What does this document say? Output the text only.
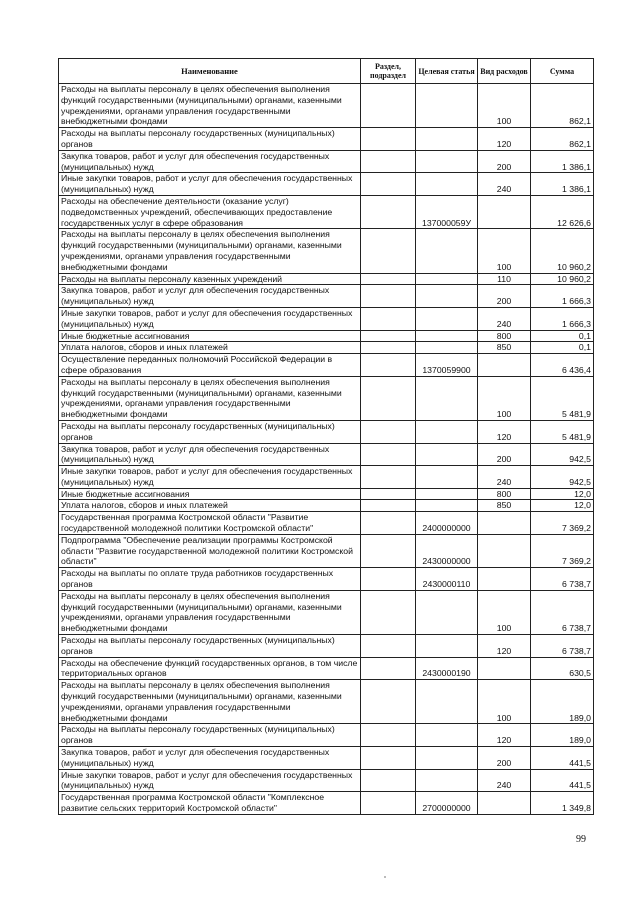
Наименование	Раздел, подраздел	Целевая статья	Вид расходов	Сумма
Расходы на выплаты персоналу в целях обеспечения выполнения функций государственными (муниципальными) органами, казенными учреждениями, органами управления государственными внебюджетными фондами			100	862,1
Расходы на выплаты персоналу государственных (муниципальных) органов			120	862,1
Закупка товаров, работ и услуг для обеспечения государственных (муниципальных) нужд			200	1 386,1
Иные закупки товаров, работ и услуг для обеспечения государственных (муниципальных) нужд			240	1 386,1
Расходы на обеспечение деятельности (оказание услуг) подведомственных учреждений, обеспечивающих предоставление государственных услуг в сфере образования		137000059У		12 626,6
Расходы на выплаты персоналу в целях обеспечения выполнения функций государственными (муниципальными) органами, казенными учреждениями, органами управления государственными внебюджетными фондами			100	10 960,2
Расходы на выплаты персоналу казенных учреждений			110	10 960,2
Закупка товаров, работ и услуг для обеспечения государственных (муниципальных) нужд			200	1 666,3
Иные закупки товаров, работ и услуг для обеспечения государственных (муниципальных) нужд			240	1 666,3
Иные бюджетные ассигнования			800	0,1
Уплата налогов, сборов и иных платежей			850	0,1
Осуществление переданных полномочий Российской Федерации в сфере образования		1370059900		6 436,4
Расходы на выплаты персоналу в целях обеспечения выполнения функций государственными (муниципальными) органами, казенными учреждениями, органами управления государственными внебюджетными фондами			100	5 481,9
Расходы на выплаты персоналу государственных (муниципальных) органов			120	5 481,9
Закупка товаров, работ и услуг для обеспечения государственных (муниципальных) нужд			200	942,5
Иные закупки товаров, работ и услуг для обеспечения государственных (муниципальных) нужд			240	942,5
Иные бюджетные ассигнования			800	12,0
Уплата налогов, сборов и иных платежей			850	12,0
Государственная программа Костромской области "Развитие государственной молодежной политики Костромской области"		2400000000		7 369,2
Подпрограмма "Обеспечение реализации программы Костромской области "Развитие государственной молодежной политики Костромской области"		2430000000		7 369,2
Расходы на выплаты по оплате труда работников государственных органов		2430000110		6 738,7
Расходы на выплаты персоналу в целях обеспечения выполнения функций государственными (муниципальными) органами, казенными учреждениями, органами управления государственными внебюджетными фондами			100	6 738,7
Расходы на выплаты персоналу государственных (муниципальных) органов			120	6 738,7
Расходы на обеспечение функций государственных органов, в том числе территориальных органов		2430000190		630,5
Расходы на выплаты персоналу в целях обеспечения выполнения функций государственными (муниципальными) органами, казенными учреждениями, органами управления государственными внебюджетными фондами			100	189,0
Расходы на выплаты персоналу государственных (муниципальных) органов			120	189,0
Закупка товаров, работ и услуг для обеспечения государственных (муниципальных) нужд			200	441,5
Иные закупки товаров, работ и услуг для обеспечения государственных (муниципальных) нужд			240	441,5
Государственная программа Костромской области "Комплексное развитие сельских территорий Костромской области"		2700000000		1 349,8
99
